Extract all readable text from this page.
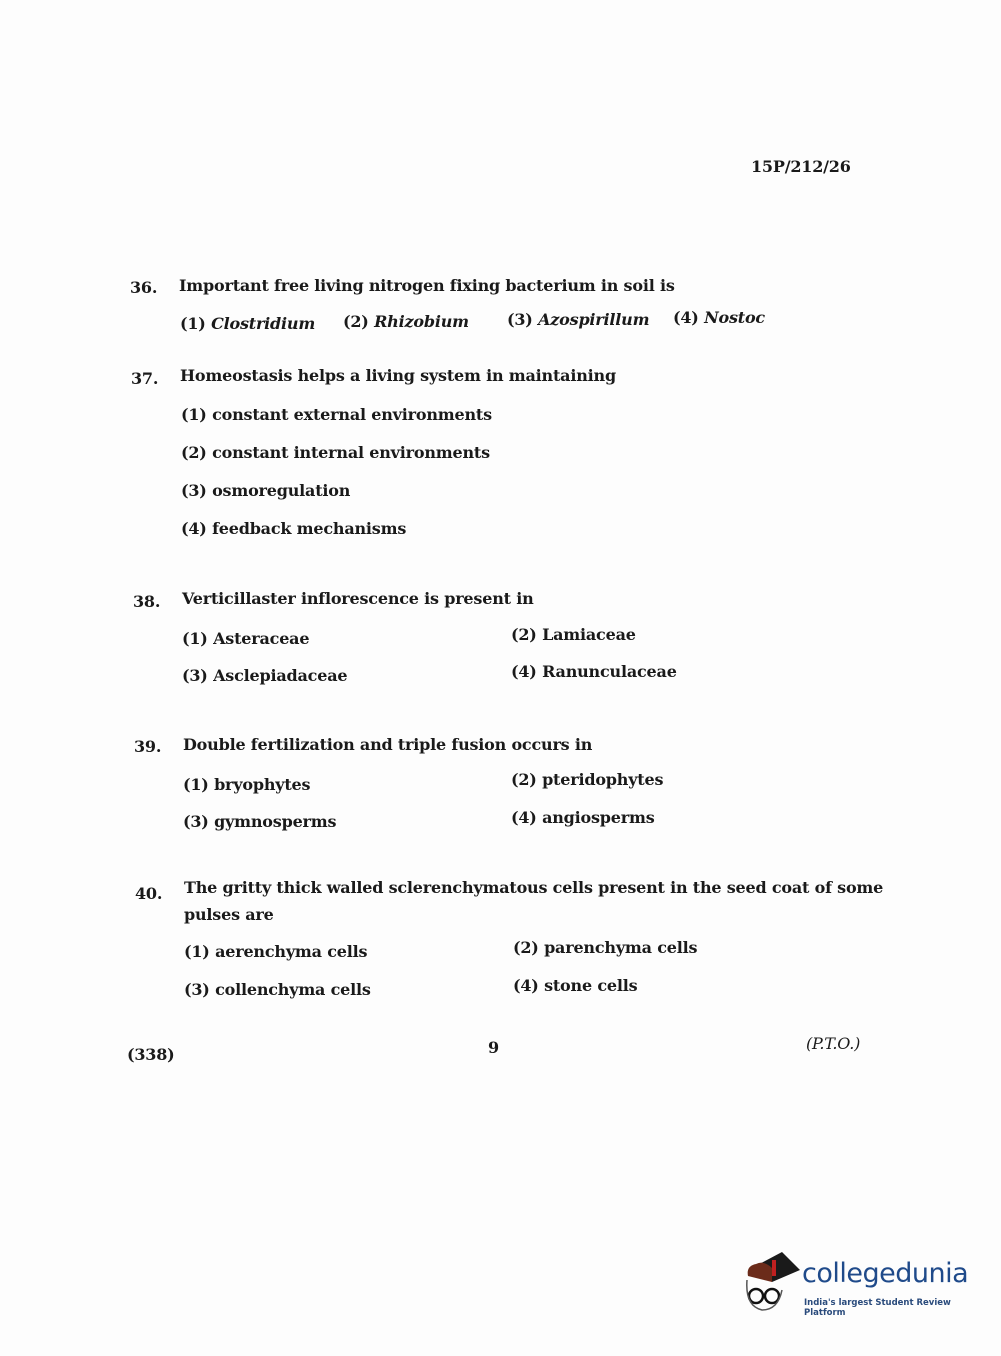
15P/212/26
36. Important free living nitrogen fixing bacterium in soil is
(1) Clostridium (2) Rhizobium (3) Azospirillum (4) Nostoc
37. Homeostasis helps a living system in maintaining
(1) constant external environments
(2) constant internal environments
(3) osmoregulation
(4) feedback mechanisms
38. Verticillaster inflorescence is present in
(1) Asteraceae	(2) Lamiaceae
(3) Asclepiadaceae	(4) Ranunculaceae
39. Double fertilization and triple fusion occurs in
(1) bryophytes	(2) pteridophytes
(3) gymnosperms	(4) angiosperms
40. The gritty thick walled sclerenchymatous cells present in the seed coat of some
pulses are
(1) aerenchyma cells	(2) parenchyma cells
(3) collenchyma cells	(4) stone cells
(338)	9	(P.T.O.)
collegedunia
India's largest Student Review Platform
